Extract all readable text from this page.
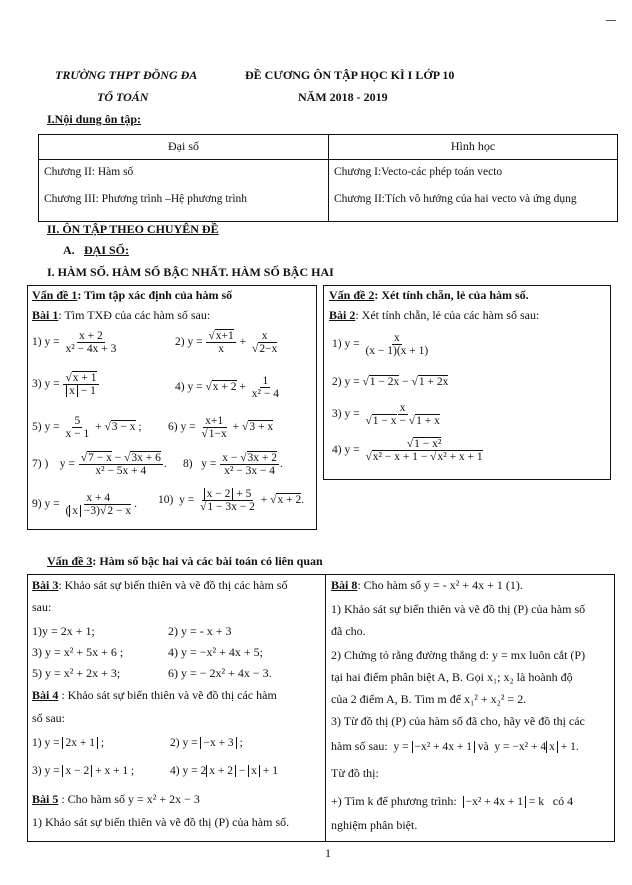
TRƯỜNG THPT ĐỒNG ĐA
TỔ TOÁN
ĐỀ CƯƠNG ÔN TẬP HỌC KÌ I LỚP 10
NĂM 2018 - 2019
I.Nội dung ôn tập:
Đại số	Hình học
Chương II: Hàm số	Chương I:Vecto-các phép toán vecto
Chương III: Phương trình –Hệ phương trình	Chương II:Tích vô hướng của hai vecto và ứng dụng
II. ÔN TẬP THEO CHUYÊN ĐỀ
A. ĐẠI SỐ:
I. HÀM SỐ. HÀM SỐ BẬC NHẤT. HÀM SỐ BẬC HAI
Vấn đề 1: Tìm tập xác định của hàm số
Bài 1: Tìm TXĐ của các hàm số sau:
1) $y = \frac{x + 2}{\text{x² − 4x + 3}}$	2) $y = \frac{√x+1}{x} + \frac{x}{√2-x}$
3) $y = \frac{√x + 1}{x - 1}$	4) $y = √x + 2 + \frac{1}{\text{x² − 4}}$
5) $y = \frac{5}{x - 1} + √3 - x$ ; 6) $y = \frac{x+1}{√1-x} + √3 + x$
7) )    $y = \frac{√7 - x - √3x + 6}{\text{x² − 5x + 4}}$ . 8)   $y = \frac{x - √3x + 2}{\text{x² − 3x − 4}}$ .
9) $y = \frac{x + 4}{( x -3)√2 - x}$ . 10)  $y = \frac{x - 2 + 5}{√1 - 3x - 2} + √x + 2$.
Vấn đề 2: Xét tính chẵn, lẻ của hàm số.
Bài 2: Xét tính chẵn, lẻ của các hàm số sau:
1) $y = \frac{x}{(x - 1)(x + 1)}$
2) y = √1 − 2x − √1 + 2x
3) $y = \frac{x}{√1 - x - √1 + x}$
4) $y = \frac{\text{√1 − x²}}{\text{√x² − x + 1 − √x² + x + 1}}$
Vấn đề 3: Hàm số bậc hai và các bài toán có liên quan
Bài 3: Khảo sát sự biến thiên và vẽ đồ thị các hàm số
sau:
1)y = 2x + 1;	2) y = - x + 3
3) y = x² + 5x + 6 ;	4) y = −x² + 4x + 5;
5) y = x² + 2x + 3;	6) y = − 2x² + 4x − 3.
Bài 4 : Khảo sát sự biến thiên và vẽ đồ thị các hàm
số sau:
1) y = 2x + 1 ;	2) y = −x + 3 ;
3) y = x − 2 + x + 1 ;	4) y = 2 x + 2 − x + 1
Bài 5 : Cho hàm số y = x² + 2x − 3
1) Khảo sát sự biến thiên và vẽ đồ thị (P) của hàm số.
Bài 8: Cho hàm số y = - x² + 4x + 1 (1).
1) Khảo sát sự biến thiên và vẽ đồ thị (P) của hàm số
đã cho.
2) Chứng tỏ rằng đường thẳng d: y = mx luôn cắt (P)
tại hai điểm phân biệt A, B. Gọi x₁; x₂ là hoành độ
của 2 điểm A, B. Tìm m để x₁² + x₂² = 2.
3) Từ đồ thị (P) của hàm số đã cho, hãy vẽ đồ thị các
hàm số sau:  y = −x² + 4x + 1 và  y = −x² + 4 x + 1.
Từ đồ thị:
+) Tìm k để phương trình: −x² + 4x + 1 = k   có 4
nghiệm phân biệt.
1
